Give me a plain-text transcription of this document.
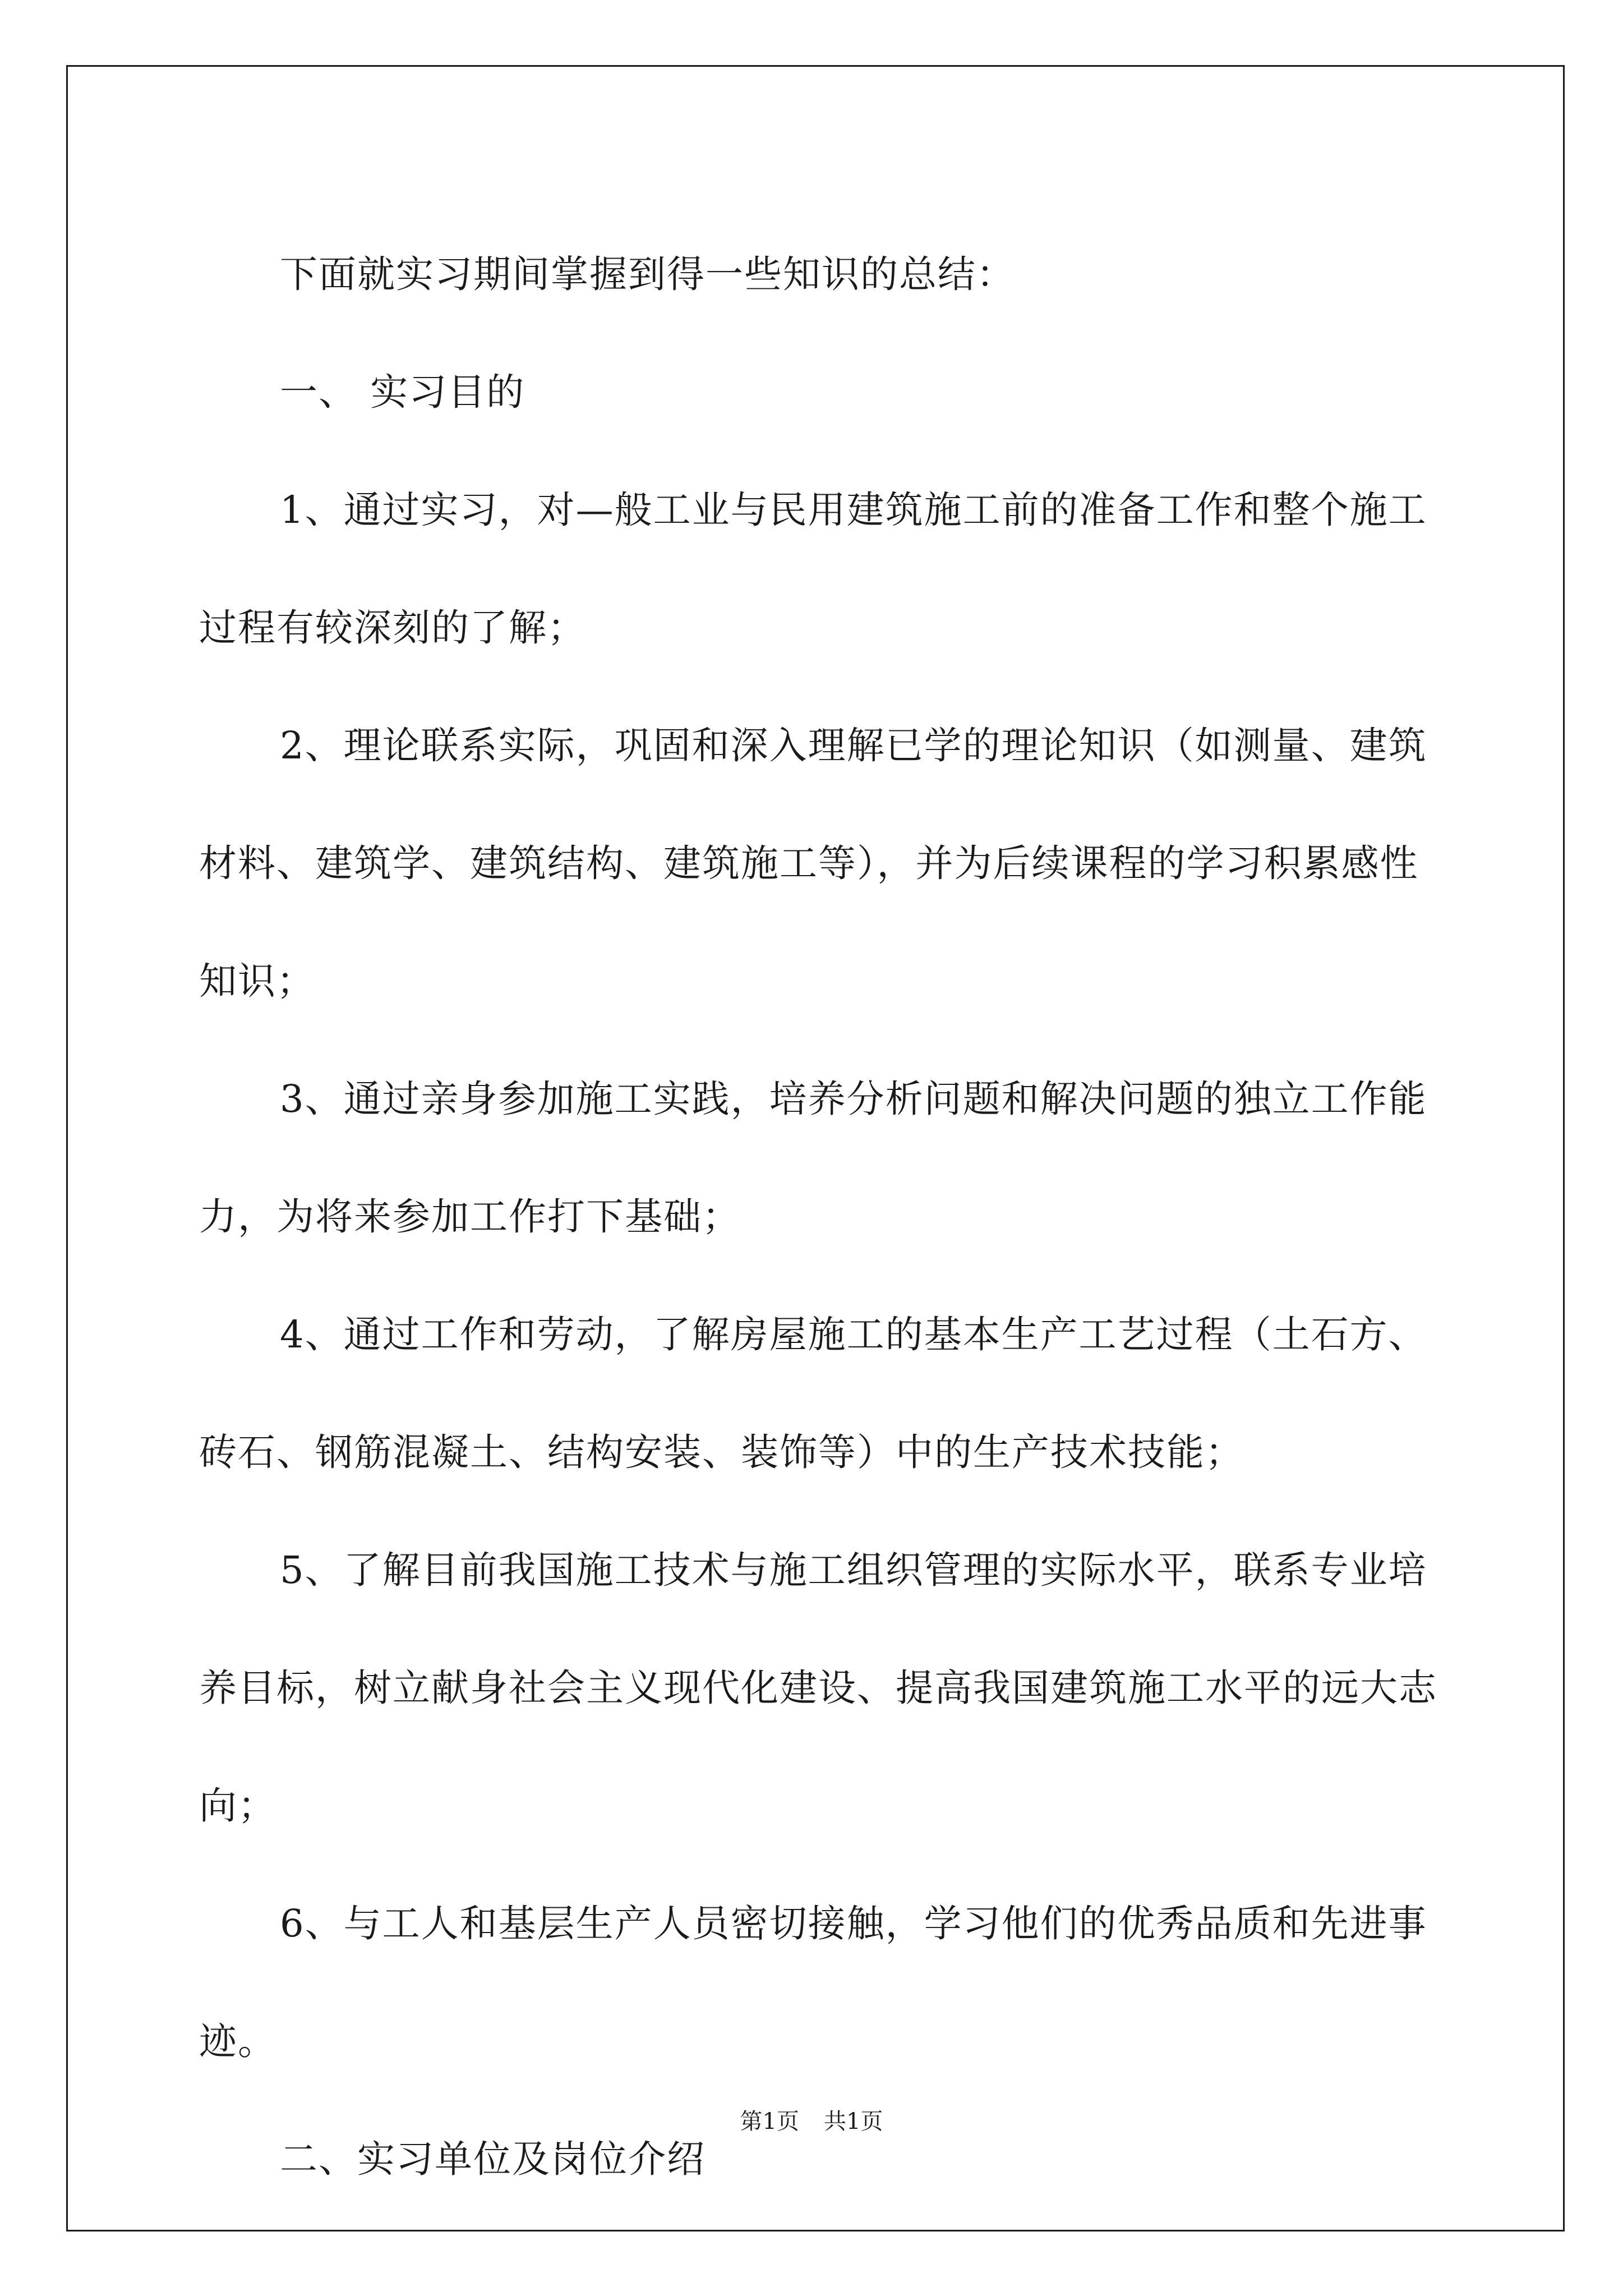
下面就实习期间掌握到得一些知识的总结：

一、 实习目的

1、通过实习，对—般工业与民用建筑施工前的准备工作和整个施工过程有较深刻的了解；

2、理论联系实际，巩固和深入理解已学的理论知识（如测量、建筑材料、建筑学、建筑结构、建筑施工等），并为后续课程的学习积累感性知识；

3、通过亲身参加施工实践，培养分析问题和解决问题的独立工作能力，为将来参加工作打下基础；

4、通过工作和劳动，了解房屋施工的基本生产工艺过程（土石方、砖石、钢筋混凝土、结构安装、装饰等）中的生产技术技能；

5、了解目前我国施工技术与施工组织管理的实际水平，联系专业培养目标，树立献身社会主义现代化建设、提高我国建筑施工水平的远大志向；

6、与工人和基层生产人员密切接触，学习他们的优秀品质和先进事迹。

二、实习单位及岗位介绍

第1页 共1页
